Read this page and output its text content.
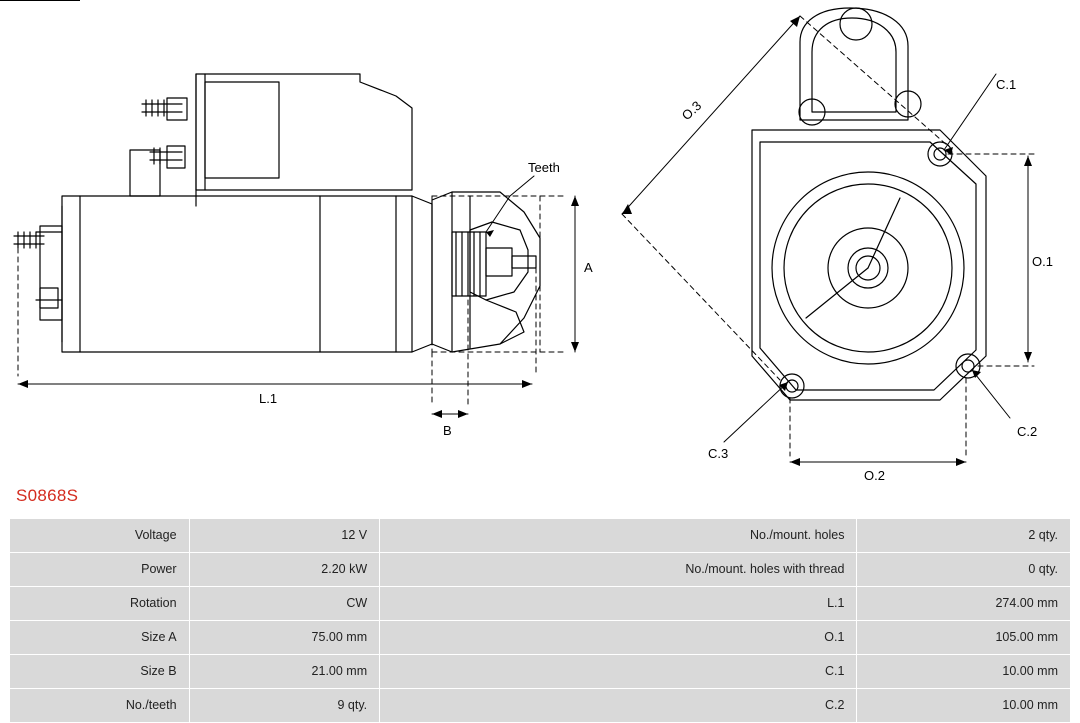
Teeth
A
B
L.1
O.1
O.2
O.3
C.1
C.2
C.3
S0868S
Voltage	12 V	No./mount. holes	2 qty.
Power	2.20 kW	No./mount. holes with thread	0 qty.
Rotation	CW	L.1	274.00 mm
Size A	75.00 mm	O.1	105.00 mm
Size B	21.00 mm	C.1	10.00 mm
No./teeth	9 qty.	C.2	10.00 mm
